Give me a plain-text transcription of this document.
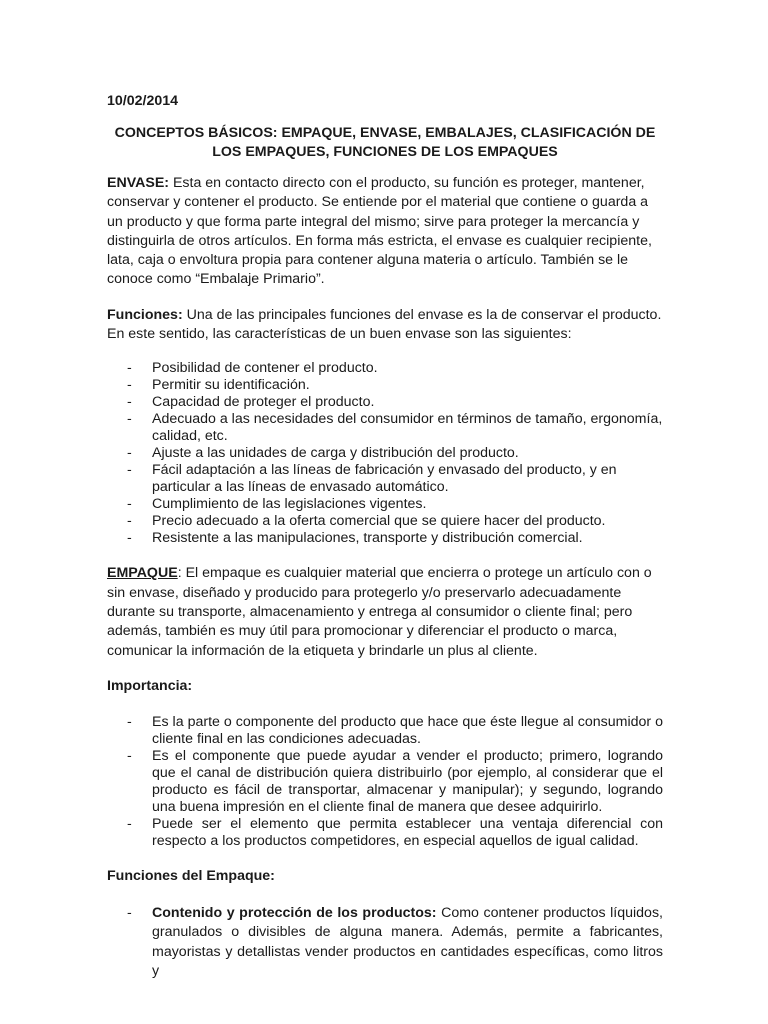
10/02/2014
CONCEPTOS BÁSICOS: EMPAQUE, ENVASE, EMBALAJES, CLASIFICACIÓN DE
LOS EMPAQUES, FUNCIONES DE LOS EMPAQUES

ENVASE: Esta en contacto directo con el producto, su función es proteger, mantener, conservar y contener el producto. Se entiende por el material que contiene o guarda a un producto y que forma parte integral del mismo; sirve para proteger la mercancía y distinguirla de otros artículos. En forma más estricta, el envase es cualquier recipiente, lata, caja o envoltura propia para contener alguna materia o artículo. También se le conoce como “Embalaje Primario”.

Funciones: Una de las principales funciones del envase es la de conservar el producto. En este sentido, las características de un buen envase son las siguientes:

- Posibilidad de contener el producto.
- Permitir su identificación.
- Capacidad de proteger el producto.
- Adecuado a las necesidades del consumidor en términos de tamaño, ergonomía, calidad, etc.
- Ajuste a las unidades de carga y distribución del producto.
- Fácil adaptación a las líneas de fabricación y envasado del producto, y en particular a las líneas de envasado automático.
- Cumplimiento de las legislaciones vigentes.
- Precio adecuado a la oferta comercial que se quiere hacer del producto.
- Resistente a las manipulaciones, transporte y distribución comercial.

EMPAQUE: El empaque es cualquier material que encierra o protege un artículo con o sin envase, diseñado y producido para protegerlo y/o preservarlo adecuadamente durante su transporte, almacenamiento y entrega al consumidor o cliente final; pero además, también es muy útil para promocionar y diferenciar el producto o marca, comunicar la información de la etiqueta y brindarle un plus al cliente.

Importancia:
- Es la parte o componente del producto que hace que éste llegue al consumidor o cliente final en las condiciones adecuadas.
- Es el componente que puede ayudar a vender el producto; primero, logrando que el canal de distribución quiera distribuirlo (por ejemplo, al considerar que el producto es fácil de transportar, almacenar y manipular); y segundo, logrando una buena impresión en el cliente final de manera que desee adquirirlo.
- Puede ser el elemento que permita establecer una ventaja diferencial con respecto a los productos competidores, en especial aquellos de igual calidad.
Funciones del Empaque:
- Contenido y protección de los productos: Como contener productos líquidos, granulados o divisibles de alguna manera. Además, permite a fabricantes, mayoristas y detallistas vender productos en cantidades específicas, como litros y
